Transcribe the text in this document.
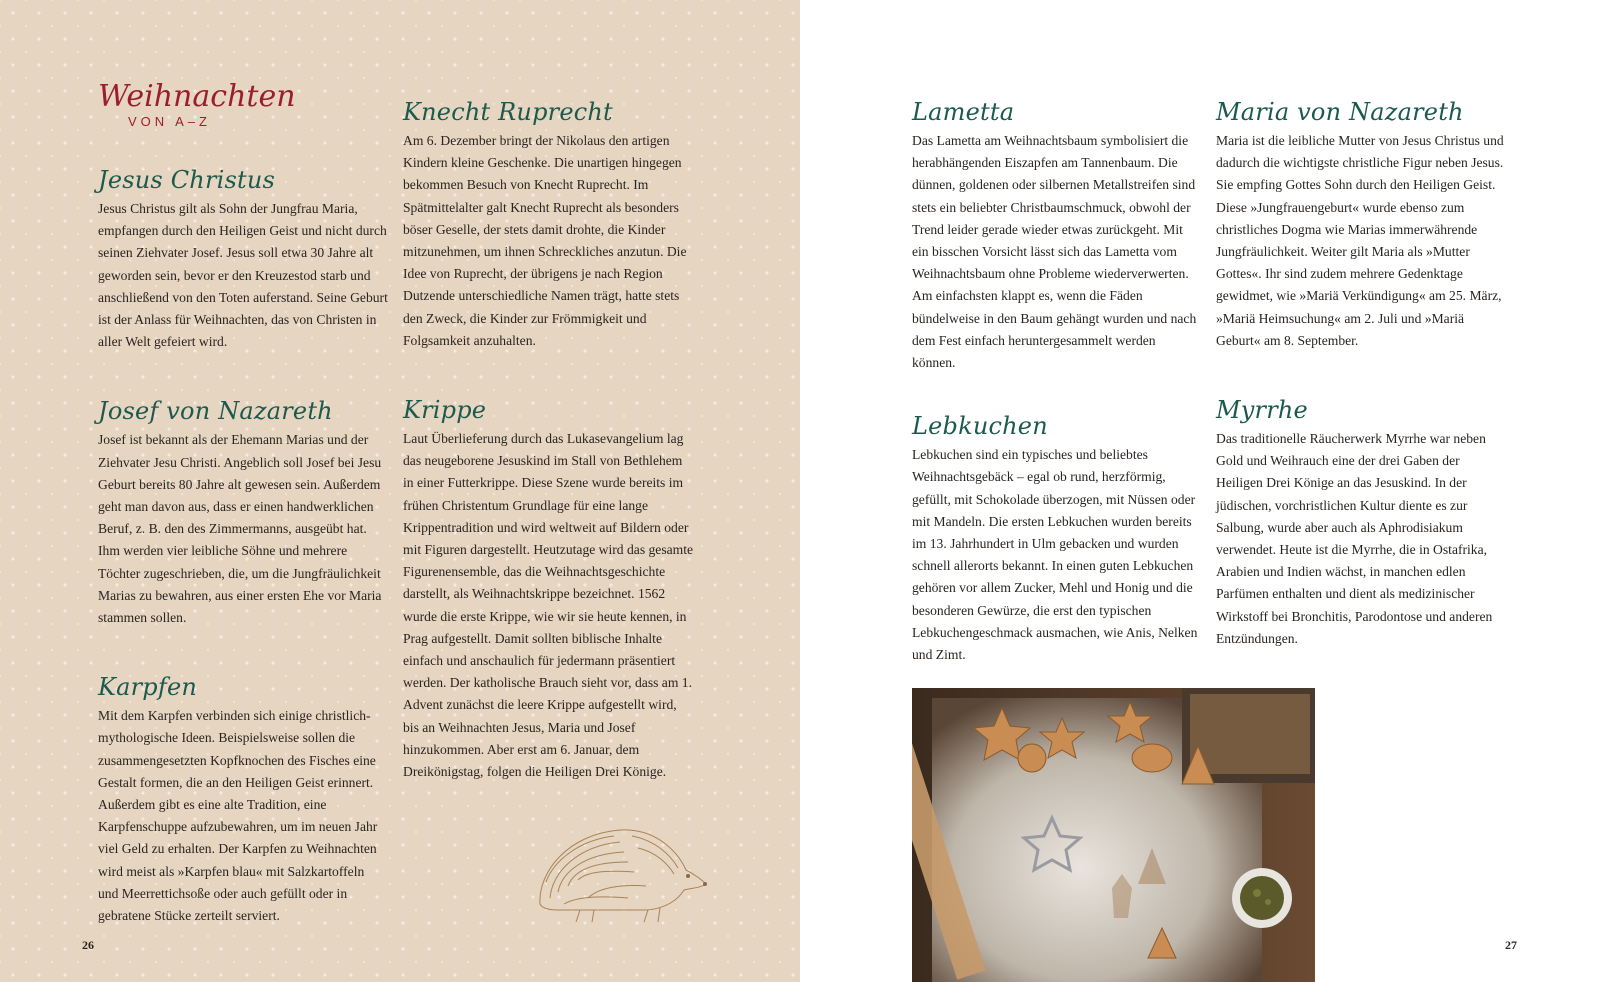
Weihnachten
VON A–Z
Jesus Christus

Jesus Christus gilt als Sohn der Jungfrau Maria, empfangen durch den Heiligen Geist und nicht durch seinen Ziehvater Josef. Jesus soll etwa 30 Jahre alt geworden sein, bevor er den Kreuzestod starb und anschließend von den Toten auferstand. Seine Geburt ist der Anlass für Weihnachten, das von Christen in aller Welt gefeiert wird.

Josef von Nazareth

Josef ist bekannt als der Ehemann Marias und der Ziehvater Jesu Christi. Angeblich soll Josef bei Jesu Geburt bereits 80 Jahre alt gewesen sein. Außerdem geht man davon aus, dass er einen handwerklichen Beruf, z. B. den des Zimmermanns, ausgeübt hat. Ihm werden vier leibliche Söhne und mehrere Töchter zugeschrieben, die, um die Jungfräulichkeit Marias zu bewahren, aus einer ersten Ehe vor Maria stammen sollen.

Karpfen

Mit dem Karpfen verbinden sich einige christlich-mythologische Ideen. Beispielsweise sollen die zusammengesetzten Kopfknochen des Fisches eine Gestalt formen, die an den Heiligen Geist erinnert. Außerdem gibt es eine alte Tradition, eine Karpfenschuppe aufzubewahren, um im neuen Jahr viel Geld zu erhalten. Der Karpfen zu Weihnachten wird meist als »Karpfen blau« mit Salzkartoffeln und Meerrettichsoße oder auch gefüllt oder in gebratene Stücke zerteilt serviert.

Knecht Ruprecht

Am 6. Dezember bringt der Nikolaus den artigen Kindern kleine Geschenke. Die unartigen hingegen bekommen Besuch von Knecht Ruprecht. Im Spätmittelalter galt Knecht Ruprecht als besonders böser Geselle, der stets damit drohte, die Kinder mitzunehmen, um ihnen Schreckliches anzutun. Die Idee von Ruprecht, der übrigens je nach Region Dutzende unterschiedliche Namen trägt, hatte stets den Zweck, die Kinder zur Frömmigkeit und Folgsamkeit anzuhalten.

Krippe

Laut Überlieferung durch das Lukasevangelium lag das neugeborene Jesuskind im Stall von Bethlehem in einer Futterkrippe. Diese Szene wurde bereits im frühen Christentum Grundlage für eine lange Krippentradition und wird weltweit auf Bildern oder mit Figuren dargestellt. Heutzutage wird das gesamte Figurenensemble, das die Weihnachtsgeschichte darstellt, als Weihnachtskrippe bezeichnet. 1562 wurde die erste Krippe, wie wir sie heute kennen, in Prag aufgestellt. Damit sollten biblische Inhalte einfach und anschaulich für jedermann präsentiert werden. Der katholische Brauch sieht vor, dass am 1. Advent zunächst die leere Krippe aufgestellt wird, bis an Weihnachten Jesus, Maria und Josef hinzukommen. Aber erst am 6. Januar, dem Dreikönigstag, folgen die Heiligen Drei Könige.

26
Lametta

Das Lametta am Weihnachtsbaum symbolisiert die herabhängenden Eiszapfen am Tannenbaum. Die dünnen, goldenen oder silbernen Metallstreifen sind stets ein beliebter Christbaumschmuck, obwohl der Trend leider gerade wieder etwas zurückgeht. Mit ein bisschen Vorsicht lässt sich das Lametta vom Weihnachtsbaum ohne Probleme wiederverwerten. Am einfachsten klappt es, wenn die Fäden bündelweise in den Baum gehängt wurden und nach dem Fest einfach heruntergesammelt werden können.

Lebkuchen

Lebkuchen sind ein typisches und beliebtes Weihnachtsgebäck – egal ob rund, herzförmig, gefüllt, mit Schokolade überzogen, mit Nüssen oder mit Mandeln. Die ersten Lebkuchen wurden bereits im 13. Jahrhundert in Ulm gebacken und wurden schnell allerorts bekannt. In einen guten Lebkuchen gehören vor allem Zucker, Mehl und Honig und die besonderen Gewürze, die erst den typischen Lebkuchengeschmack ausmachen, wie Anis, Nelken und Zimt.

Maria von Nazareth

Maria ist die leibliche Mutter von Jesus Christus und dadurch die wichtigste christliche Figur neben Jesus. Sie empfing Gottes Sohn durch den Heiligen Geist. Diese »Jungfrauengeburt« wurde ebenso zum christliches Dogma wie Marias immerwährende Jungfräulichkeit. Weiter gilt Maria als »Mutter Gottes«. Ihr sind zudem mehrere Gedenktage gewidmet, wie »Mariä Verkündigung« am 25. März, »Mariä Heimsuchung« am 2. Juli und »Mariä Geburt« am 8. September.

Myrrhe

Das traditionelle Räucherwerk Myrrhe war neben Gold und Weihrauch eine der drei Gaben der Heiligen Drei Könige an das Jesuskind. In der jüdischen, vorchristlichen Kultur diente es zur Salbung, wurde aber auch als Aphrodisiakum verwendet. Heute ist die Myrrhe, die in Ostafrika, Arabien und Indien wächst, in manchen edlen Parfümen enthalten und dient als medizinischer Wirkstoff bei Bronchitis, Parodontose und anderen Entzündungen.

27
